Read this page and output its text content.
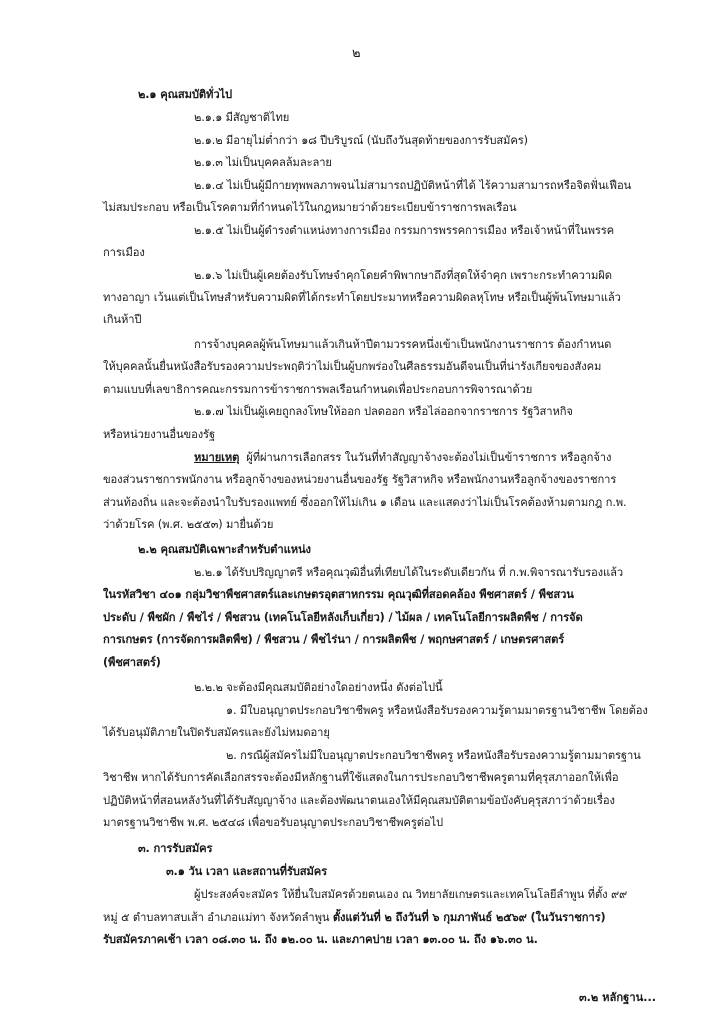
๒
๒.๑ คุณสมบัติทั่วไป
๒.๑.๑ มีสัญชาติไทย
๒.๑.๒ มีอายุไม่ต่ำกว่า ๑๘ ปีบริบูรณ์ (นับถึงวันสุดท้ายของการรับสมัคร)
๒.๑.๓ ไม่เป็นบุคคลล้มละลาย
๒.๑.๔ ไม่เป็นผู้มีกายทุพพลภาพจนไม่สามารถปฏิบัติหน้าที่ได้ ไร้ความสามารถหรือจิตฟั่นเฟือน
ไม่สมประกอบ หรือเป็นโรคตามที่กำหนดไว้ในกฎหมายว่าด้วยระเบียบข้าราชการพลเรือน
๒.๑.๕ ไม่เป็นผู้ดำรงตำแหน่งทางการเมือง กรรมการพรรคการเมือง หรือเจ้าหน้าที่ในพรรค
การเมือง
๒.๑.๖ ไม่เป็นผู้เคยต้องรับโทษจำคุกโดยคำพิพากษาถึงที่สุดให้จำคุก เพราะกระทำความผิด
ทางอาญา เว้นแต่เป็นโทษสำหรับความผิดที่ได้กระทำโดยประมาทหรือความผิดลหุโทษ หรือเป็นผู้พ้นโทษมาแล้ว
เกินห้าปี
การจ้างบุคคลผู้พ้นโทษมาแล้วเกินห้าปีตามวรรคหนึ่งเข้าเป็นพนักงานราชการ ต้องกำหนด
ให้บุคคลนั้นยื่นหนังสือรับรองความประพฤติว่าไม่เป็นผู้บกพร่องในศีลธรรมอันดีจนเป็นที่น่ารังเกียจของสังคม
ตามแบบที่เลขาธิการคณะกรรมการข้าราชการพลเรือนกำหนดเพื่อประกอบการพิจารณาด้วย
๒.๑.๗ ไม่เป็นผู้เคยถูกลงโทษให้ออก ปลดออก หรือไล่ออกจากราชการ รัฐวิสาหกิจ
หรือหน่วยงานอื่นของรัฐ
หมายเหตุ ผู้ที่ผ่านการเลือกสรร ในวันที่ทำสัญญาจ้างจะต้องไม่เป็นข้าราชการ หรือลูกจ้าง
ของส่วนราชการพนักงาน หรือลูกจ้างของหน่วยงานอื่นของรัฐ รัฐวิสาหกิจ หรือพนักงานหรือลูกจ้างของราชการ
ส่วนท้องถิ่น และจะต้องนำใบรับรองแพทย์ ซึ่งออกให้ไม่เกิน ๑ เดือน และแสดงว่าไม่เป็นโรคต้องห้ามตามกฎ ก.พ.
ว่าด้วยโรค (พ.ศ. ๒๕๕๓) มายื่นด้วย
๒.๒ คุณสมบัติเฉพาะสำหรับตำแหน่ง
๒.๒.๑ ได้รับปริญญาตรี หรือคุณวุฒิอื่นที่เทียบได้ในระดับเดียวกัน ที่ ก.พ.พิจารณารับรองแล้ว
ในรหัสวิชา ๔๐๑ กลุ่มวิชาพืชศาสตร์และเกษตรอุตสาหกรรม คุณวุฒิที่สอดคล้อง พืชศาสตร์ / พืชสวน
ประดับ / พืชผัก / พืชไร่ / พืชสวน (เทคโนโลยีหลังเก็บเกี่ยว) / ไม้ผล / เทคโนโลยีการผลิตพืช / การจัด
การเกษตร (การจัดการผลิตพืช) / พืชสวน / พืชไร่นา / การผลิตพืช / พฤกษศาสตร์ / เกษตรศาสตร์
(พืชศาสตร์)
๒.๒.๒ จะต้องมีคุณสมบัติอย่างใดอย่างหนึ่ง ดังต่อไปนี้
๑. มีใบอนุญาตประกอบวิชาชีพครู หรือหนังสือรับรองความรู้ตามมาตรฐานวิชาชีพ โดยต้อง
ได้รับอนุมัติภายในปิดรับสมัครและยังไม่หมดอายุ
๒. กรณีผู้สมัครไม่มีใบอนุญาตประกอบวิชาชีพครู หรือหนังสือรับรองความรู้ตามมาตรฐาน
วิชาชีพ หากได้รับการคัดเลือกสรรจะต้องมีหลักฐานที่ใช้แสดงในการประกอบวิชาชีพครูตามที่คุรุสภาออกให้เพื่อ
ปฏิบัติหน้าที่สอนหลังวันที่ได้รับสัญญาจ้าง และต้องพัฒนาตนเองให้มีคุณสมบัติตามข้อบังคับคุรุสภาว่าด้วยเรื่อง
มาตรฐานวิชาชีพ พ.ศ. ๒๕๔๘ เพื่อขอรับอนุญาตประกอบวิชาชีพครูต่อไป
๓. การรับสมัคร
๓.๑ วัน เวลา และสถานที่รับสมัคร
ผู้ประสงค์จะสมัคร ให้ยื่นใบสมัครด้วยตนเอง ณ วิทยาลัยเกษตรและเทคโนโลยีลำพูน ที่ตั้ง ๙๙
หมู่ ๕ ตำบลทาสบเส้า อำเภอแม่ทา จังหวัดลำพูน ตั้งแต่วันที่ ๒ ถึงวันที่ ๖ กุมภาพันธ์ ๒๕๖๙ (ในวันราชการ)
รับสมัครภาคเช้า เวลา ๐๘.๓๐ น. ถึง ๑๒.๐๐ น. และภาคบ่าย เวลา ๑๓.๐๐ น. ถึง ๑๖.๓๐ น.
๓.๒ หลักฐาน...
